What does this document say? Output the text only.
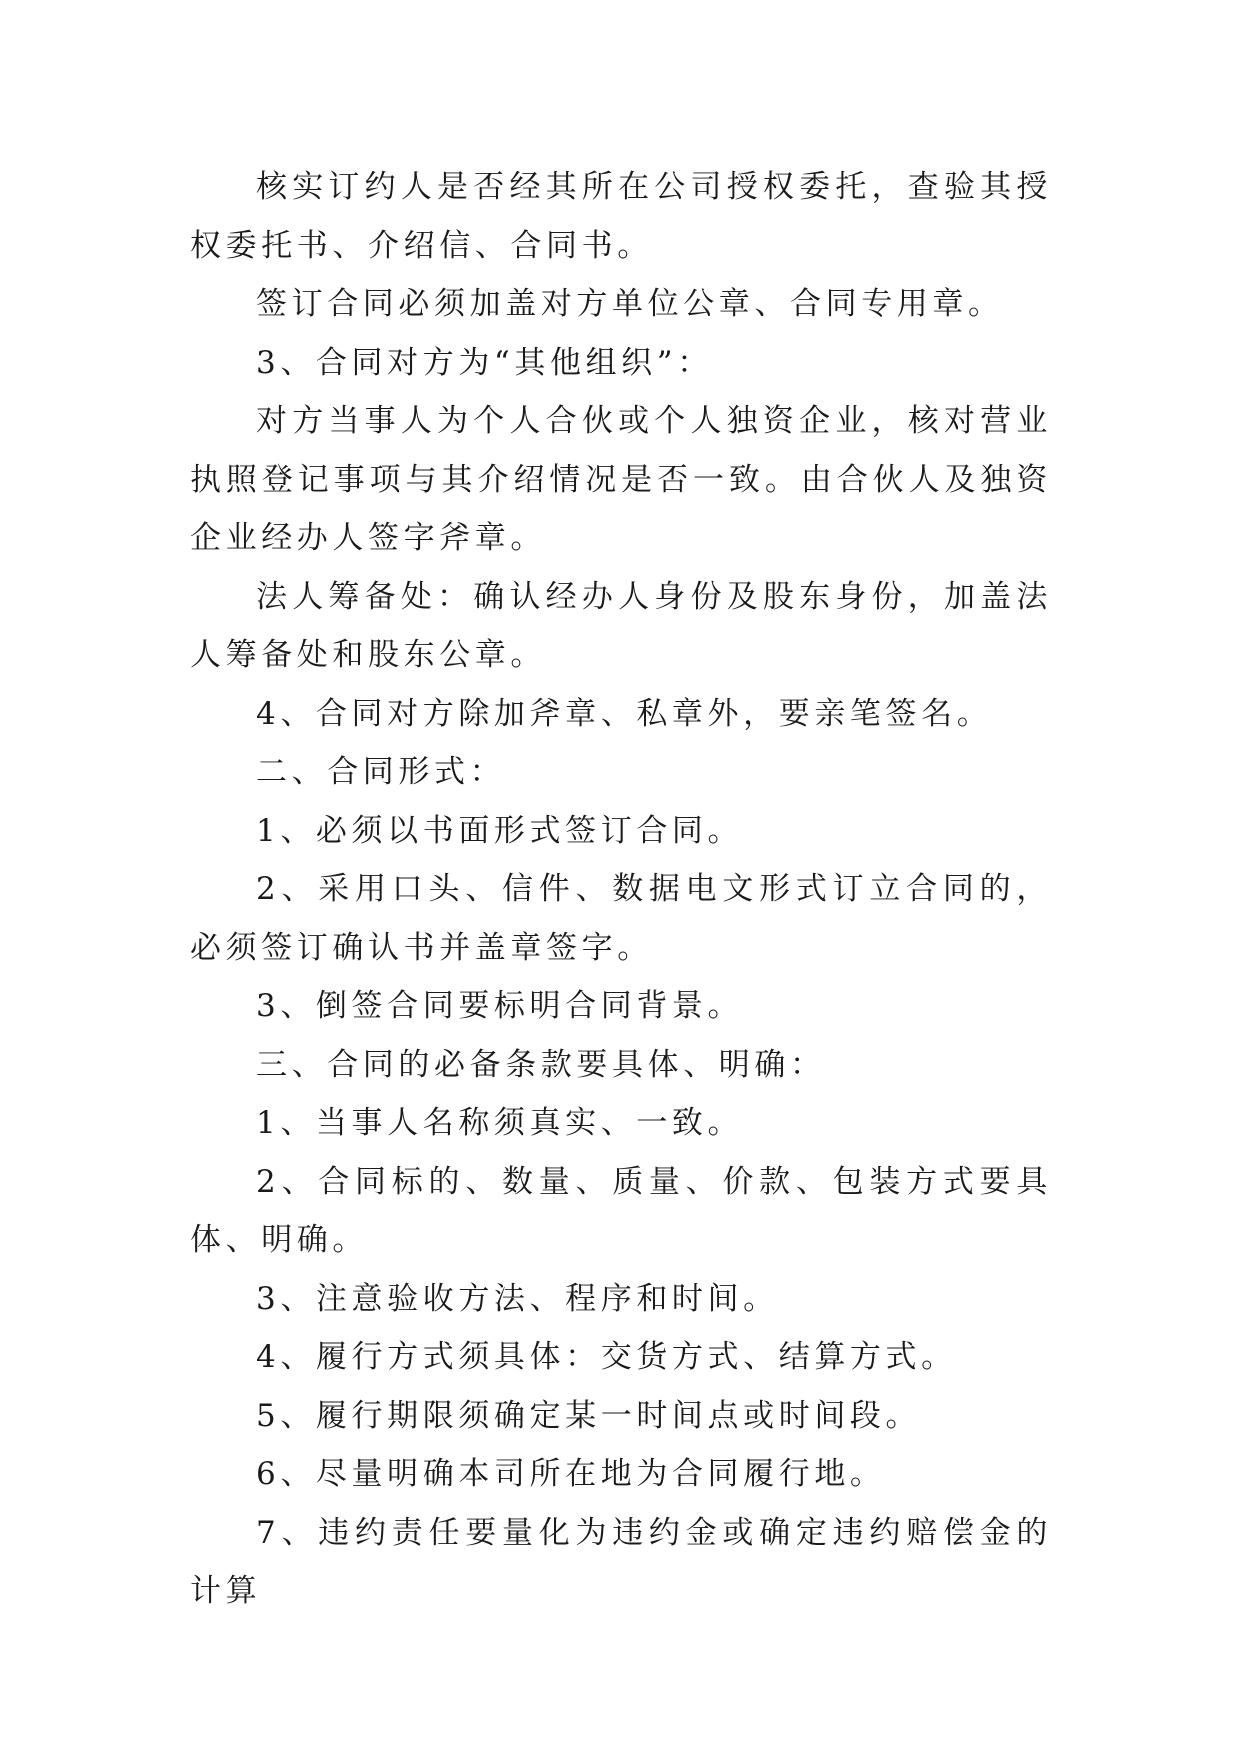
核实订约人是否经其所在公司授权委托，查验其授权委托书、介绍信、合同书。

签订合同必须加盖对方单位公章、合同专用章。

3、合同对方为“其他组织”：

对方当事人为个人合伙或个人独资企业，核对营业执照登记事项与其介绍情况是否一致。由合伙人及独资企业经办人签字斧章。

法人筹备处：确认经办人身份及股东身份，加盖法人筹备处和股东公章。

4、合同对方除加斧章、私章外，要亲笔签名。

二、合同形式：

1、必须以书面形式签订合同。

2、采用口头、信件、数据电文形式订立合同的，必须签订确认书并盖章签字。

3、倒签合同要标明合同背景。

三、合同的必备条款要具体、明确：

1、当事人名称须真实、一致。

2、合同标的、数量、质量、价款、包装方式要具体、明确。

3、注意验收方法、程序和时间。

4、履行方式须具体：交货方式、结算方式。

5、履行期限须确定某一时间点或时间段。

6、尽量明确本司所在地为合同履行地。

7、违约责任要量化为违约金或确定违约赔偿金的计算
